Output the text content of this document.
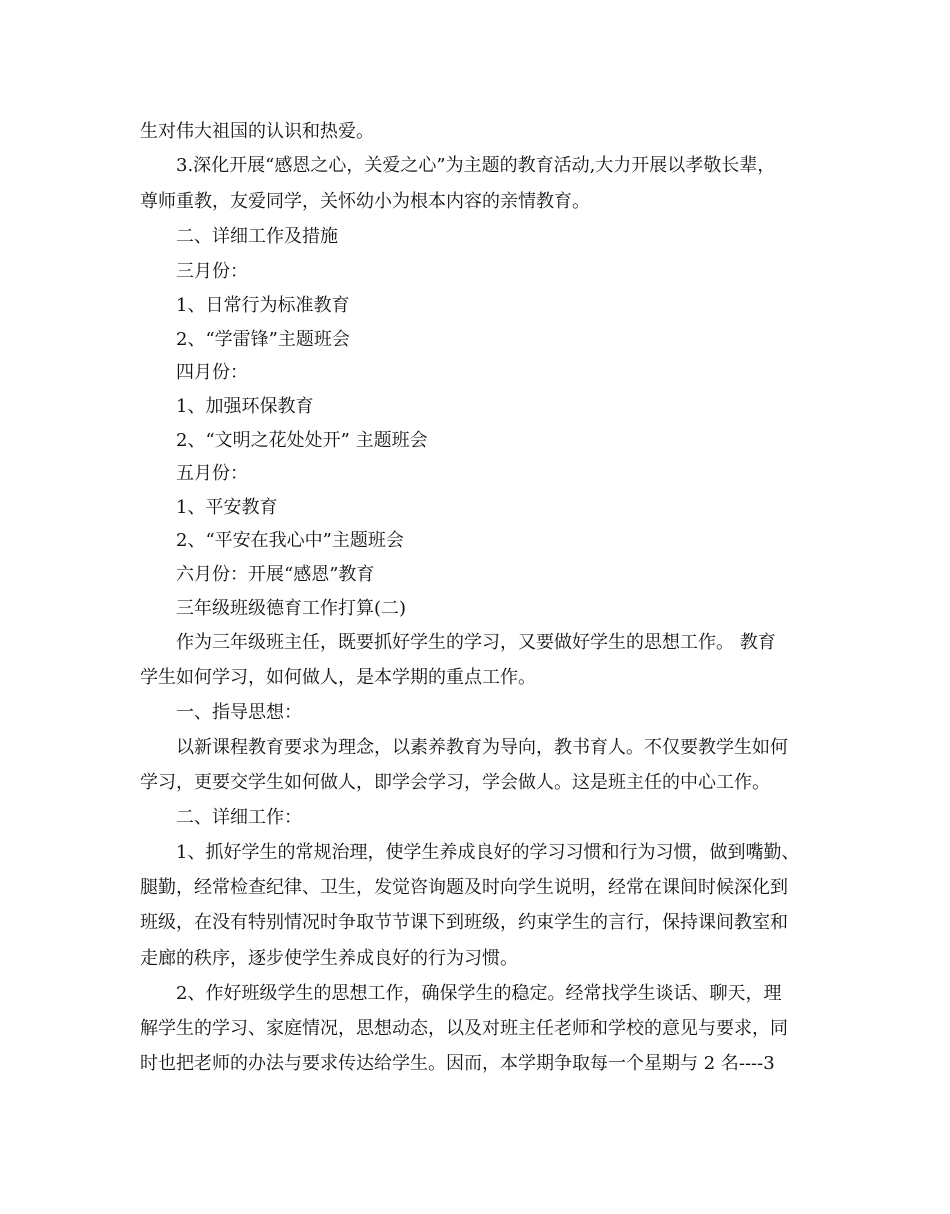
生对伟大祖国的认识和热爱。

3.深化开展“感恩之心，关爱之心”为主题的教育活动,大力开展以孝敬长辈，

尊师重教，友爱同学，关怀幼小为根本内容的亲情教育。

二、详细工作及措施

三月份：

1、日常行为标准教育

2、“学雷锋”主题班会

四月份：

1、加强环保教育

2、“文明之花处处开” 主题班会

五月份：

1、平安教育

2、“平安在我心中”主题班会

六月份：开展“感恩”教育

三年级班级德育工作打算(二)

作为三年级班主任，既要抓好学生的学习，又要做好学生的思想工作。 教育

学生如何学习，如何做人，是本学期的重点工作。

一、指导思想：

以新课程教育要求为理念，以素养教育为导向，教书育人。不仅要教学生如何

学习，更要交学生如何做人，即学会学习，学会做人。这是班主任的中心工作。

二、详细工作：

1、抓好学生的常规治理，使学生养成良好的学习习惯和行为习惯，做到嘴勤、

腿勤，经常检查纪律、卫生，发觉咨询题及时向学生说明，经常在课间时候深化到

班级，在没有特别情况时争取节节课下到班级，约束学生的言行，保持课间教室和

走廊的秩序，逐步使学生养成良好的行为习惯。

2、作好班级学生的思想工作，确保学生的稳定。经常找学生谈话、聊天，理

解学生的学习、家庭情况，思想动态，以及对班主任老师和学校的意见与要求，同

时也把老师的办法与要求传达给学生。因而，本学期争取每一个星期与 2 名----3
